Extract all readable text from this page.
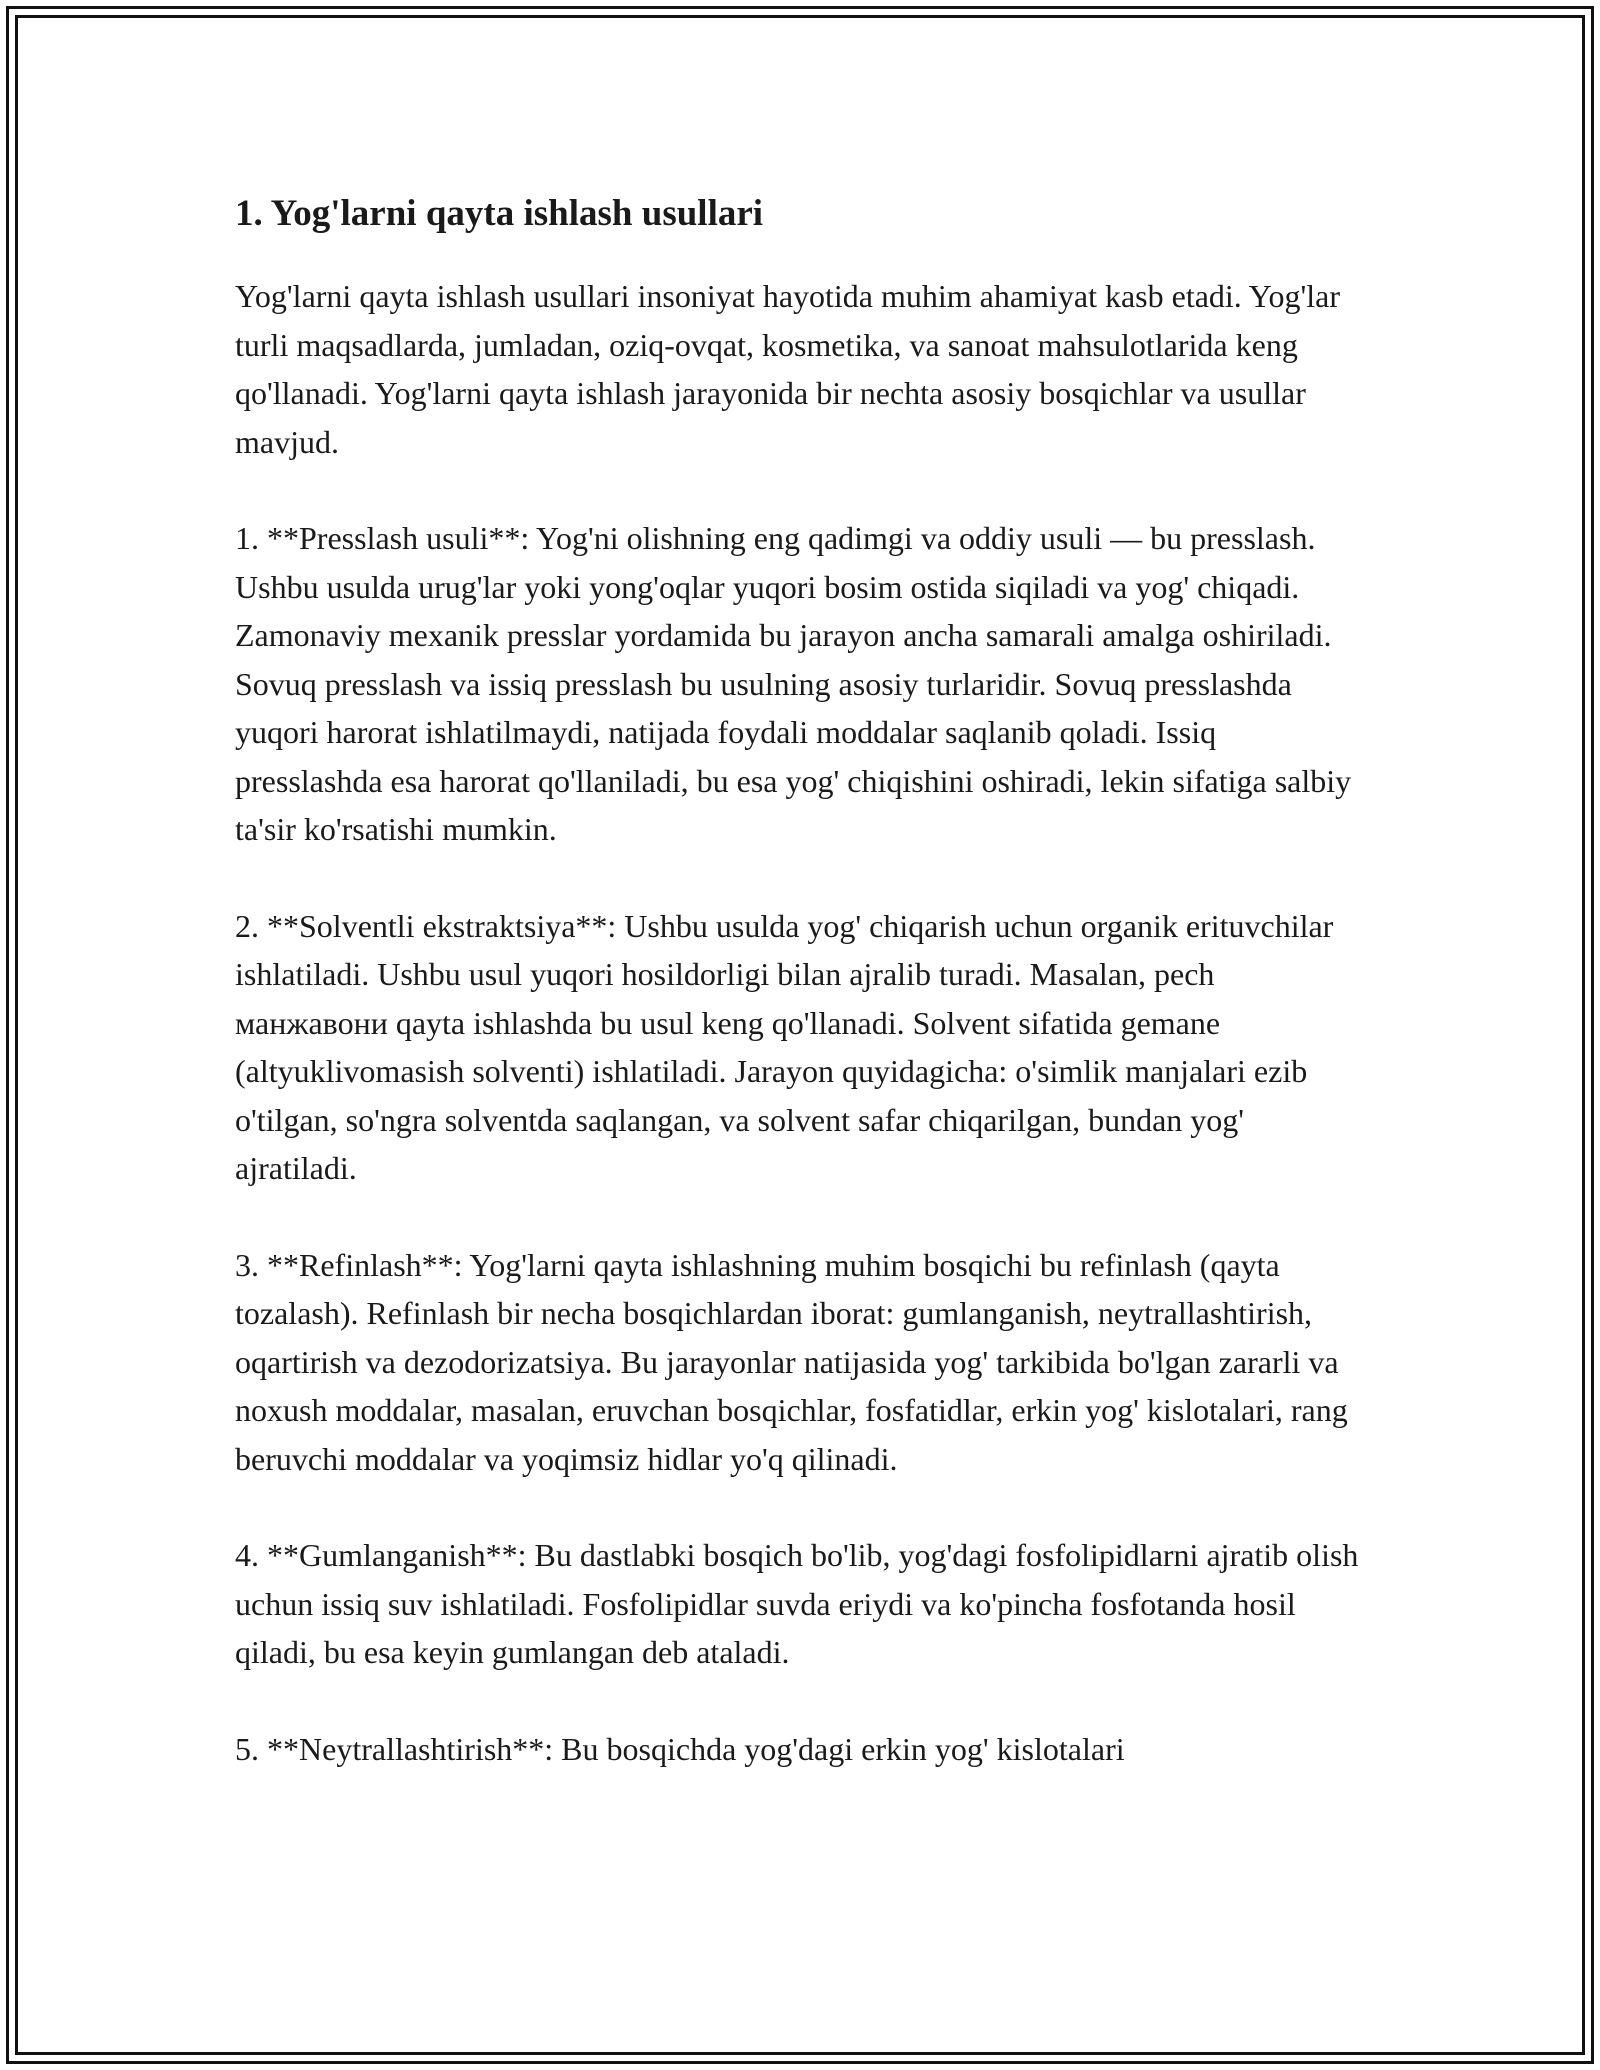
1. Yog'larni qayta ishlash usullari

Yog'larni qayta ishlash usullari insoniyat hayotida muhim ahamiyat kasb etadi. Yog'lar turli maqsadlarda, jumladan, oziq-ovqat, kosmetika, va sanoat mahsulotlarida keng qo'llanadi. Yog'larni qayta ishlash jarayonida bir nechta asosiy bosqichlar va usullar mavjud.

1. **Presslash usuli**: Yog'ni olishning eng qadimgi va oddiy usuli — bu presslash. Ushbu usulda urug'lar yoki yong'oqlar yuqori bosim ostida siqiladi va yog' chiqadi. Zamonaviy mexanik presslar yordamida bu jarayon ancha samarali amalga oshiriladi. Sovuq presslash va issiq presslash bu usulning asosiy turlaridir. Sovuq presslashda yuqori harorat ishlatilmaydi, natijada foydali moddalar saqlanib qoladi. Issiq presslashda esa harorat qo'llaniladi, bu esa yog' chiqishini oshiradi, lekin sifatiga salbiy ta'sir ko'rsatishi mumkin.

2. **Solventli ekstraktsiya**: Ushbu usulda yog' chiqarish uchun organik erituvchilar ishlatiladi. Ushbu usul yuqori hosildorligi bilan ajralib turadi. Masalan, pech манжавони qayta ishlashda bu usul keng qo'llanadi. Solvent sifatida gemane (altyuklivomasish solventi) ishlatiladi. Jarayon quyidagicha: o'simlik manjalari ezib o'tilgan, so'ngra solventda saqlangan, va solvent safar chiqarilgan, bundan yog' ajratiladi.

3. **Refinlash**: Yog'larni qayta ishlashning muhim bosqichi bu refinlash (qayta tozalash). Refinlash bir necha bosqichlardan iborat: gumlanganish, neytrallashtirish, oqartirish va dezodorizatsiya. Bu jarayonlar natijasida yog' tarkibida bo'lgan zararli va noxush moddalar, masalan, eruvchan bosqichlar, fosfatidlar, erkin yog' kislotalari, rang beruvchi moddalar va yoqimsiz hidlar yo'q qilinadi.

4. **Gumlanganish**: Bu dastlabki bosqich bo'lib, yog'dagi fosfolipidlarni ajratib olish uchun issiq suv ishlatiladi. Fosfolipidlar suvda eriydi va ko'pincha fosfotanda hosil qiladi, bu esa keyin gumlangan deb ataladi.

5. **Neytrallashtirish**: Bu bosqichda yog'dagi erkin yog' kislotalari
